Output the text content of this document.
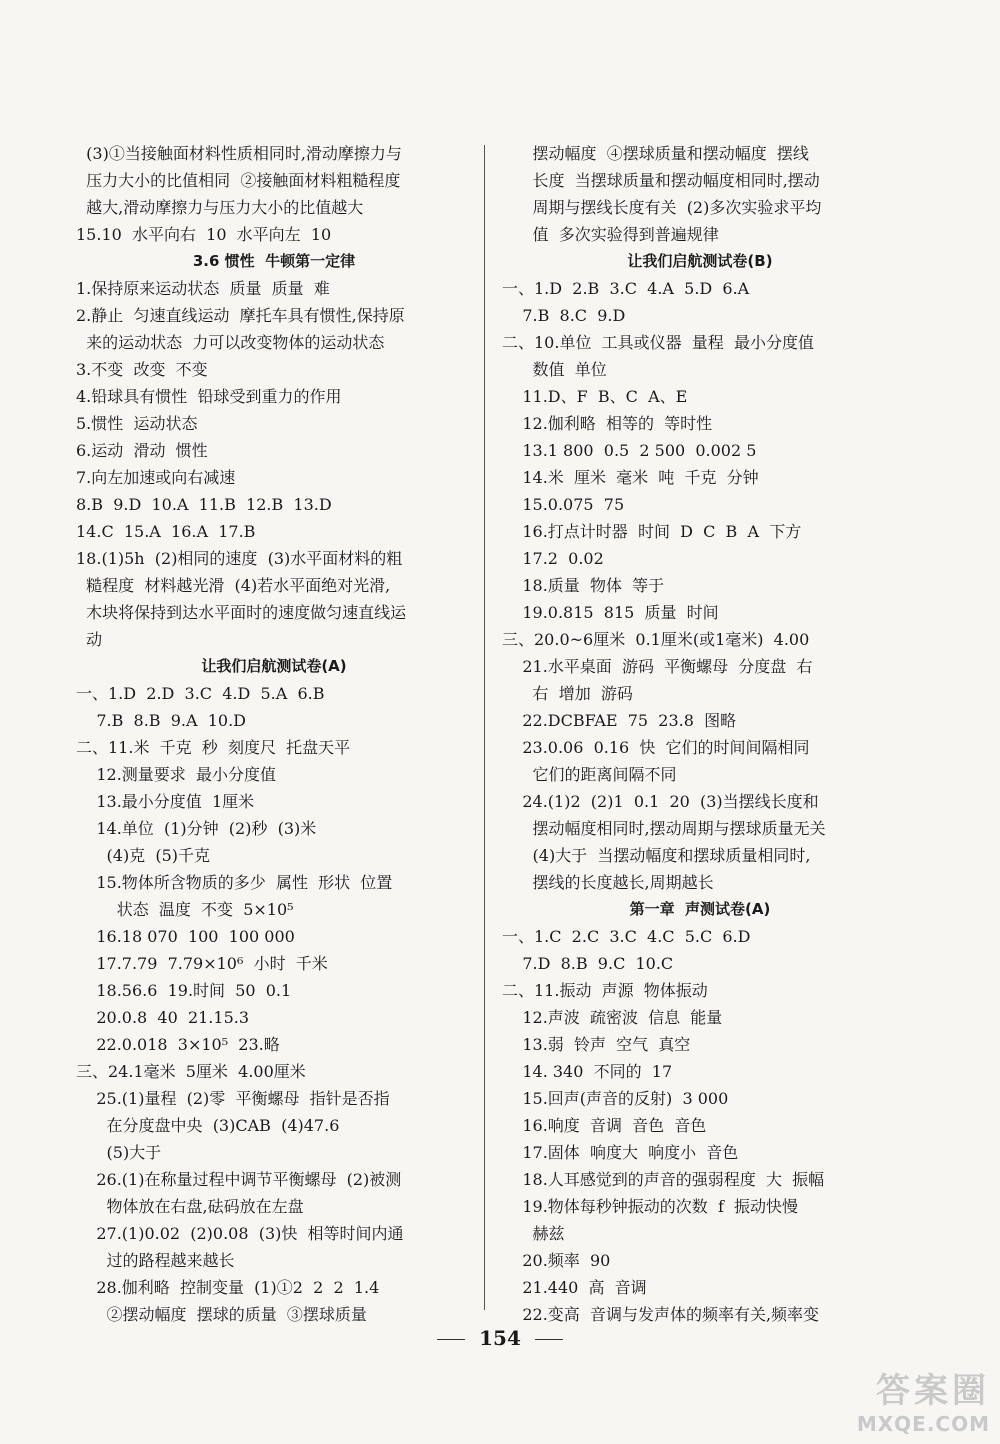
(3)①当接触面材料性质相同时,滑动摩擦力与
压力大小的比值相同  ②接触面材料粗糙程度
越大,滑动摩擦力与压力大小的比值越大
15.10  水平向右  10  水平向左  10
3.6 惯性  牛顿第一定律
1.保持原来运动状态  质量  质量  难
2.静止  匀速直线运动  摩托车具有惯性,保持原
来的运动状态  力可以改变物体的运动状态
3.不变  改变  不变
4.铅球具有惯性  铅球受到重力的作用
5.惯性  运动状态
6.运动  滑动  惯性
7.向左加速或向右减速
8.B  9.D  10.A  11.B  12.B  13.D
14.C  15.A  16.A  17.B
18.(1)5h  (2)相同的速度  (3)水平面材料的粗
糙程度  材料越光滑  (4)若水平面绝对光滑,
木块将保持到达水平面时的速度做匀速直线运
动
让我们启航测试卷(A)
一、1.D  2.D  3.C  4.D  5.A  6.B
7.B  8.B  9.A  10.D
二、11.米  千克  秒  刻度尺  托盘天平
12.测量要求  最小分度值
13.最小分度值  1厘米
14.单位  (1)分钟  (2)秒  (3)米
(4)克  (5)千克
15.物体所含物质的多少  属性  形状  位置
状态  温度  不变  5×10⁵
16.18 070  100  100 000
17.7.79  7.79×10⁶  小时  千米
18.56.6  19.时间  50  0.1
20.0.8  40  21.15.3
22.0.018  3×10⁵  23.略
三、24.1毫米  5厘米  4.00厘米
25.(1)量程  (2)零  平衡螺母  指针是否指
在分度盘中央  (3)CAB  (4)47.6
(5)大于
26.(1)在称量过程中调节平衡螺母  (2)被测
物体放在右盘,砝码放在左盘
27.(1)0.02  (2)0.08  (3)快  相等时间内通
过的路程越来越长
28.伽利略  控制变量  (1)①2  2  2  1.4
②摆动幅度  摆球的质量  ③摆球质量
摆动幅度  ④摆球质量和摆动幅度  摆线
长度  当摆球质量和摆动幅度相同时,摆动
周期与摆线长度有关  (2)多次实验求平均
值  多次实验得到普遍规律
让我们启航测试卷(B)
一、1.D  2.B  3.C  4.A  5.D  6.A
7.B  8.C  9.D
二、10.单位  工具或仪器  量程  最小分度值
数值  单位
11.D、F  B、C  A、E
12.伽利略  相等的  等时性
13.1 800  0.5  2 500  0.002 5
14.米  厘米  毫米  吨  千克  分钟
15.0.075  75
16.打点计时器  时间  D  C  B  A  下方
17.2  0.02
18.质量  物体  等于
19.0.815  815  质量  时间
三、20.0~6厘米  0.1厘米(或1毫米)  4.00
21.水平桌面  游码  平衡螺母  分度盘  右
右  增加  游码
22.DCBFAE  75  23.8  图略
23.0.06  0.16  快  它们的时间间隔相同
它们的距离间隔不同
24.(1)2  (2)1  0.1  20  (3)当摆线长度和
摆动幅度相同时,摆动周期与摆球质量无关
(4)大于  当摆动幅度和摆球质量相同时,
摆线的长度越长,周期越长
第一章  声测试卷(A)
一、1.C  2.C  3.C  4.C  5.C  6.D
7.D  8.B  9.C  10.C
二、11.振动  声源  物体振动
12.声波  疏密波  信息  能量
13.弱  铃声  空气  真空
14. 340  不同的  17
15.回声(声音的反射)  3 000
16.响度  音调  音色  音色
17.固体  响度大  响度小  音色
18.人耳感觉到的声音的强弱程度  大  振幅
19.物体每秒钟振动的次数  f  振动快慢
赫兹
20.频率  90
21.440  高  音调
22.变高  音调与发声体的频率有关,频率变
154
答案圈
MXQE.COM
